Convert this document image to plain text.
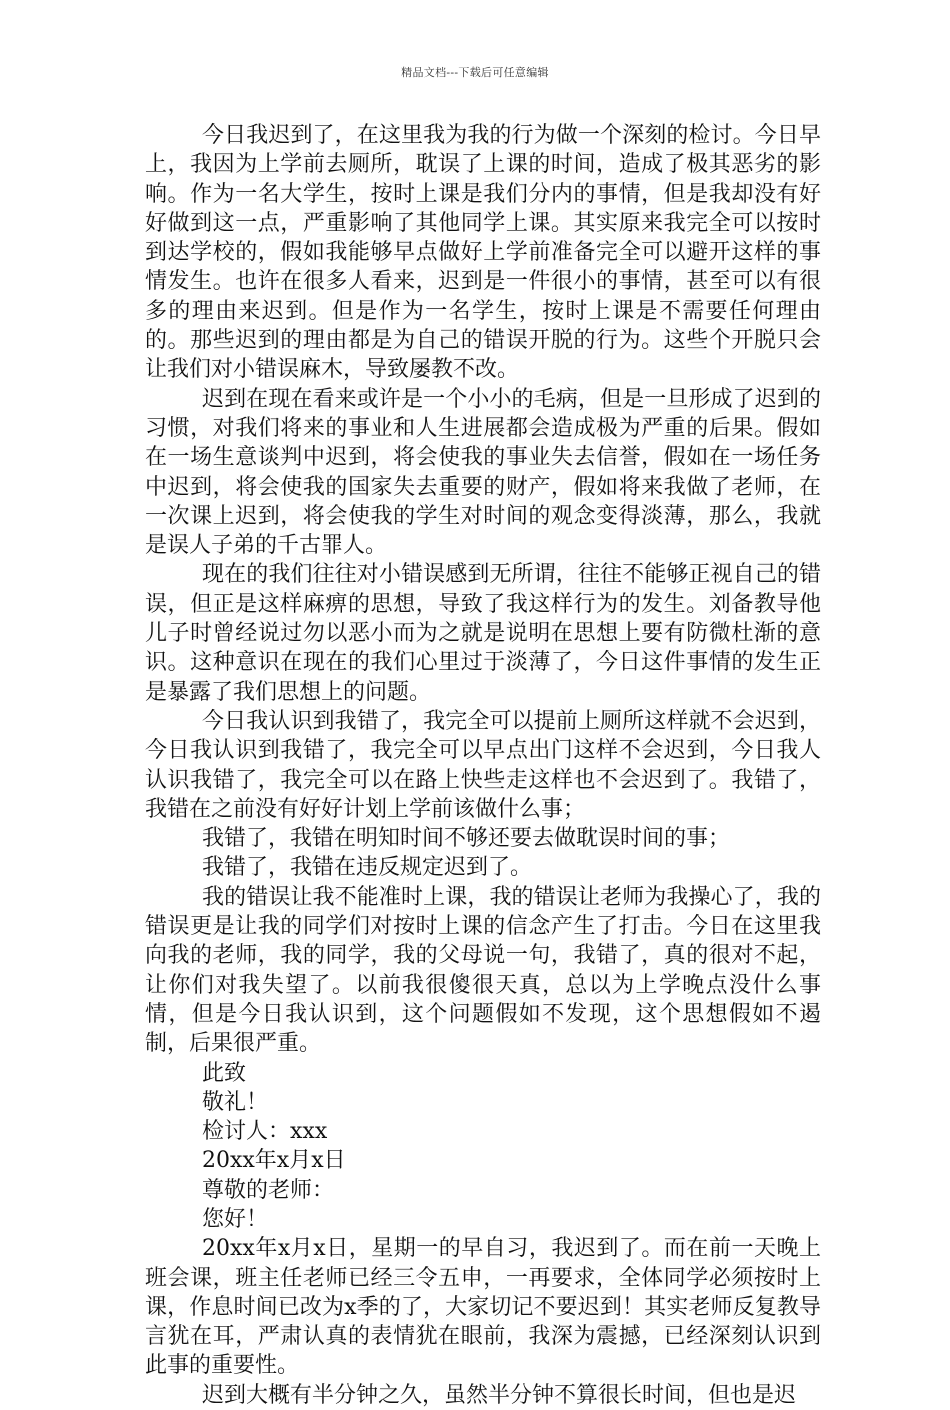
精品文档---下载后可任意编辑

今日我迟到了，在这里我为我的行为做一个深刻的检讨。今日早上，我因为上学前去厕所，耽误了上课的时间，造成了极其恶劣的影响。作为一名大学生，按时上课是我们分内的事情，但是我却没有好好做到这一点，严重影响了其他同学上课。其实原来我完全可以按时到达学校的，假如我能够早点做好上学前准备完全可以避开这样的事情发生。也许在很多人看来，迟到是一件很小的事情，甚至可以有很多的理由来迟到。但是作为一名学生，按时上课是不需要任何理由的。那些迟到的理由都是为自己的错误开脱的行为。这些个开脱只会让我们对小错误麻木，导致屡教不改。

迟到在现在看来或许是一个小小的毛病，但是一旦形成了迟到的习惯，对我们将来的事业和人生进展都会造成极为严重的后果。假如在一场生意谈判中迟到，将会使我的事业失去信誉，假如在一场任务中迟到，将会使我的国家失去重要的财产，假如将来我做了老师，在一次课上迟到，将会使我的学生对时间的观念变得淡薄，那么，我就是误人子弟的千古罪人。

现在的我们往往对小错误感到无所谓，往往不能够正视自己的错误，但正是这样麻痹的思想，导致了我这样行为的发生。刘备教导他儿子时曾经说过勿以恶小而为之就是说明在思想上要有防微杜渐的意识。这种意识在现在的我们心里过于淡薄了，今日这件事情的发生正是暴露了我们思想上的问题。

今日我认识到我错了，我完全可以提前上厕所这样就不会迟到，今日我认识到我错了，我完全可以早点出门这样不会迟到，今日我人认识我错了，我完全可以在路上快些走这样也不会迟到了。我错了，我错在之前没有好好计划上学前该做什么事；

我错了，我错在明知时间不够还要去做耽误时间的事；

我错了，我错在违反规定迟到了。

我的错误让我不能准时上课，我的错误让老师为我操心了，我的错误更是让我的同学们对按时上课的信念产生了打击。今日在这里我向我的老师，我的同学，我的父母说一句，我错了，真的很对不起，让你们对我失望了。以前我很傻很天真，总以为上学晚点没什么事情，但是今日我认识到，这个问题假如不发现，这个思想假如不遏制，后果很严重。

此致

敬礼！

检讨人：xxx

20xx年x月x日

尊敬的老师：

您好！

20xx年x月x日，星期一的早自习，我迟到了。而在前一天晚上班会课，班主任老师已经三令五申，一再要求，全体同学必须按时上课，作息时间已改为x季的了，大家切记不要迟到！其实老师反复教导言犹在耳，严肃认真的表情犹在眼前，我深为震撼，已经深刻认识到此事的重要性。

迟到大概有半分钟之久，虽然半分钟不算很长时间，但也是迟
